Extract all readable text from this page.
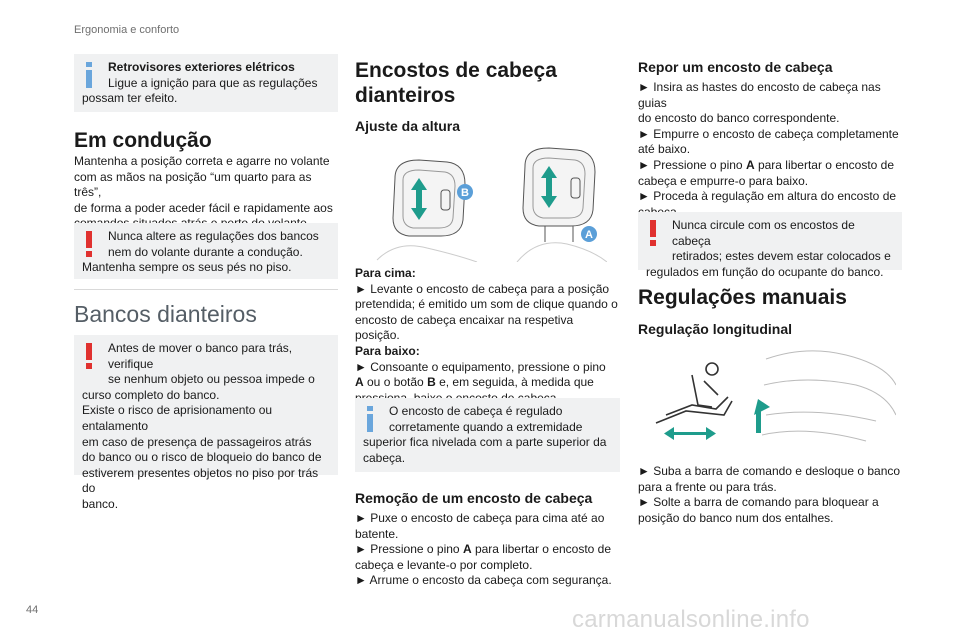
Ergonomia e conforto
44	carmanualsonline.info
Retrovisores exteriores elétricos
Ligue a ignição para que as regulações
possam ter efeito.
Em condução

Mantenha a posição correta e agarre no volante

com as mãos na posição “um quarto para as três”,

de forma a poder aceder fácil e rapidamente aos

Nunca altere as regulações dos bancos
nem do volante durante a condução.
Mantenha sempre os seus pés no piso.
Bancos dianteiros
Antes de mover o banco para trás, verifique
se nenhum objeto ou pessoa impede o
curso completo do banco.
Existe o risco de aprisionamento ou entalamento
em caso de presença de passageiros atrás
do banco ou o risco de bloqueio do banco de
estiverem presentes objetos no piso por trás do
banco.
Encostos de cabeça
dianteiros
Ajuste da altura
B
A

Para cima:

► Levante o encosto de cabeça para a posição

pretendida; é emitido um som de clique quando o

encosto de cabeça encaixar na respetiva posição.

Para baixo:

► Consoante o equipamento, pressione o pino

A ou o botão B e, em seguida, à medida que

O encosto de cabeça é regulado
corretamente quando a extremidade
superior fica nivelada com a parte superior da
cabeça.
Remoção de um encosto de cabeça

► Puxe o encosto de cabeça para cima até ao

batente.

► Pressione o pino A para libertar o encosto de

cabeça e levante-o por completo.

► Arrume o encosto da cabeça com segurança.

Repor um encosto de cabeça

► Insira as hastes do encosto de cabeça nas guias

do encosto do banco correspondente.

► Empurre o encosto de cabeça completamente

até baixo.

► Pressione o pino A para libertar o encosto de

cabeça e empurre-o para baixo.

► Proceda à regulação em altura do encosto de

Nunca circule com os encostos de cabeça
retirados; estes devem estar colocados e
regulados em função do ocupante do banco.
Regulações manuais
Regulação longitudinal

► Suba a barra de comando e desloque o banco

para a frente ou para trás.

► Solte a barra de comando para bloquear a

posição do banco num dos entalhes.
